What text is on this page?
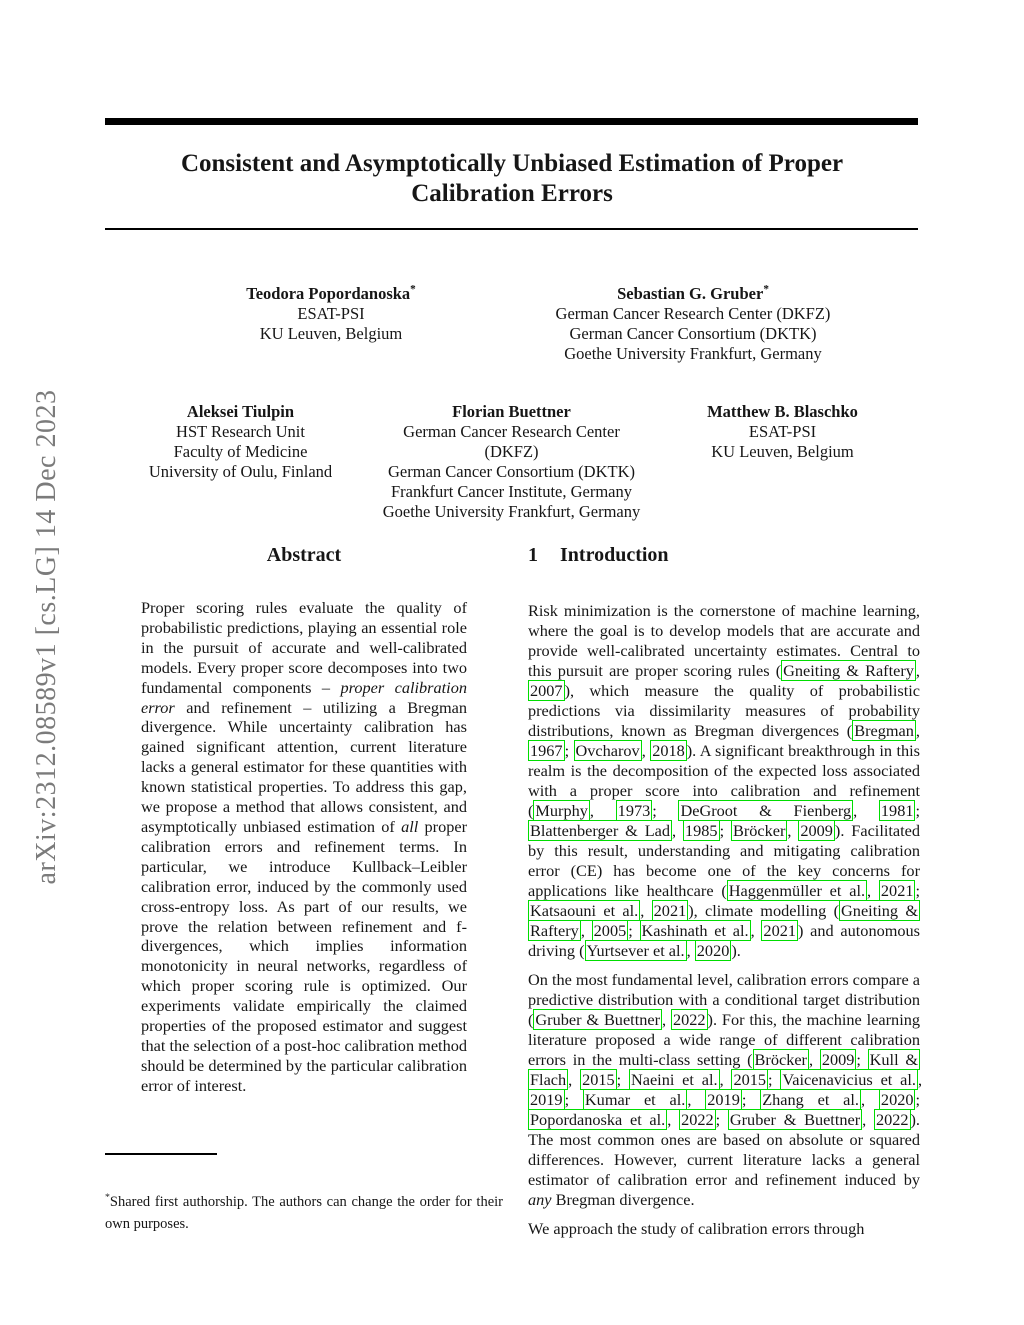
arXiv:2312.08589v1 [cs.LG] 14 Dec 2023
Consistent and Asymptotically Unbiased Estimation of Proper
Calibration Errors
Teodora Popordanoska*
ESAT-PSI
KU Leuven, Belgium
Sebastian G. Gruber*
German Cancer Research Center (DKFZ)
German Cancer Consortium (DKTK)
Goethe University Frankfurt, Germany
Aleksei Tiulpin
HST Research Unit
Faculty of Medicine
University of Oulu, Finland
Florian Buettner
German Cancer Research Center (DKFZ)
German Cancer Consortium (DKTK)
Frankfurt Cancer Institute, Germany
Goethe University Frankfurt, Germany
Matthew B. Blaschko
ESAT-PSI
KU Leuven, Belgium
Abstract

Proper scoring rules evaluate the quality of probabilistic predictions, playing an essential role in the pursuit of accurate and well-calibrated models. Every proper score decomposes into two fundamental components – proper calibration error and refinement – utilizing a Bregman divergence. While uncertainty calibration has gained significant attention, current literature lacks a general estimator for these quantities with known statistical properties. To address this gap, we propose a method that allows consistent, and asymptotically unbiased estimation of all proper calibration errors and refinement terms. In particular, we introduce Kullback–Leibler calibration error, induced by the commonly used cross-entropy loss. As part of our results, we prove the relation between refinement and f-divergences, which implies information monotonicity in neural networks, regardless of which proper scoring rule is optimized. Our experiments validate empirically the claimed properties of the proposed estimator and suggest that the selection of a post-hoc calibration method should be determined by the particular calibration error of interest.

1 Introduction

Risk minimization is the cornerstone of machine learning, where the goal is to develop models that are accurate and provide well-calibrated uncertainty estimates. Central to this pursuit are proper scoring rules ( Gneiting & Raftery , 2007 ), which measure the quality of probabilistic predictions via dissimilarity measures of probability distributions, known as Bregman divergences ( Bregman , 1967 ; Ovcharov , 2018 ). A significant breakthrough in this realm is the decomposition of the expected loss associated with a proper score into calibration and refinement ( Murphy , 1973 ; DeGroot & Fienberg , 1981 ; Blattenberger & Lad , 1985 ; Bröcker , 2009 ). Facilitated by this result, understanding and mitigating calibration error (CE) has become one of the key concerns for applications like healthcare ( Haggenmüller et al. , 2021 ; Katsaouni et al. , 2021 ), climate modelling ( Gneiting & Raftery , 2005 ; Kashinath et al. , 2021 ) and autonomous driving ( Yurtsever et al. , 2020 ).

On the most fundamental level, calibration errors compare a predictive distribution with a conditional target distribution ( Gruber & Buettner , 2022 ). For this, the machine learning literature proposed a wide range of different calibration errors in the multi-class setting ( Bröcker , 2009 ; Kull & Flach , 2015 ; Naeini et al. , 2015 ; Vaicenavicius et al. , 2019 ; Kumar et al. , 2019 ; Zhang et al. , 2020 ; Popordanoska et al. , 2022 ; Gruber & Buettner , 2022 ). The most common ones are based on absolute or squared differences. However, current literature lacks a general estimator of calibration error and refinement induced by any Bregman divergence.

We approach the study of calibration errors through

*Shared first authorship. The authors can change the order for their own purposes.
